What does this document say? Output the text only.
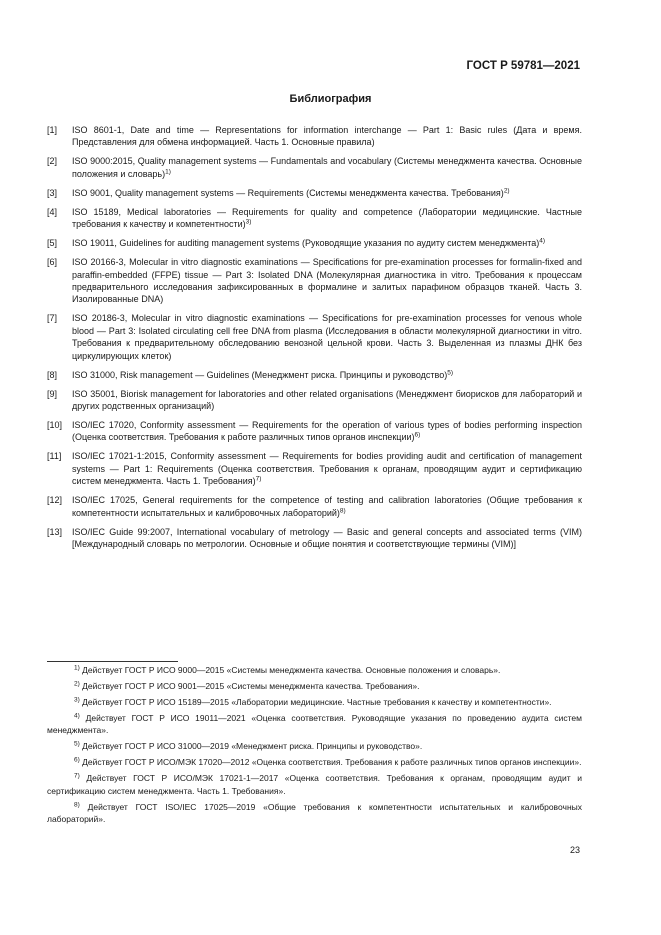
ГОСТ Р 59781—2021
Библиография
[1] ISO 8601-1, Date and time — Representations for information interchange — Part 1: Basic rules (Дата и время. Представления для обмена информацией. Часть 1. Основные правила)
[2] ISO 9000:2015, Quality management systems — Fundamentals and vocabulary (Системы менеджмента качества. Основные положения и словарь)$^{1)}$
[3] ISO 9001, Quality management systems — Requirements (Системы менеджмента качества. Требования)$^{2)}$
[4] ISO 15189, Medical laboratories — Requirements for quality and competence (Лаборатории медицинские. Частные требования к качеству и компетентности)$^{3)}$
[5] ISO 19011, Guidelines for auditing management systems (Руководящие указания по аудиту систем менеджмента)$^{4)}$
[6] ISO 20166-3, Molecular in vitro diagnostic examinations — Specifications for pre-examination processes for formalin-fixed and paraffin-embedded (FFPE) tissue — Part 3: Isolated DNA (Молекулярная диагностика in vitro. Требования к процессам предварительного исследования зафиксированных в формалине и залитых парафином образцов тканей. Часть 3. Изолированные DNA)
[7] ISO 20186-3, Molecular in vitro diagnostic examinations — Specifications for pre-examination processes for venous whole blood — Part 3: Isolated circulating cell free DNA from plasma (Исследования в области молекулярной диагностики in vitro. Требования к предварительному обследованию венозной цельной крови. Часть 3. Выделенная из плазмы ДНК без циркулирующих клеток)
[8] ISO 31000, Risk management — Guidelines (Менеджмент риска. Принципы и руководство)$^{5)}$
[9] ISO 35001, Biorisk management for laboratories and other related organisations (Менеджмент биорисков для лабораторий и других родственных организаций)
[10] ISO/IEC 17020, Conformity assessment — Requirements for the operation of various types of bodies performing inspection (Оценка соответствия. Требования к работе различных типов органов инспекции)$^{6)}$
[11] ISO/IEC 17021-1:2015, Conformity assessment — Requirements for bodies providing audit and certification of management systems — Part 1: Requirements (Оценка соответствия. Требования к органам, проводящим аудит и сертификацию систем менеджмента. Часть 1. Требования)$^{7)}$
[12] ISO/IEC 17025, General requirements for the competence of testing and calibration laboratories (Общие требования к компетентности испытательных и калибровочных лабораторий)$^{8)}$
[13] ISO/IEC Guide 99:2007, International vocabulary of metrology — Basic and general concepts and associated terms (VIM) [Международный словарь по метрологии. Основные и общие понятия и соответствующие термины (VIM)]
$^{1)}$ Действует ГОСТ Р ИСО 9000—2015 «Системы менеджмента качества. Основные положения и словарь».
$^{2)}$ Действует ГОСТ Р ИСО 9001—2015 «Системы менеджмента качества. Требования».
$^{3)}$ Действует ГОСТ Р ИСО 15189—2015 «Лаборатории медицинские. Частные требования к качеству и компетентности».
$^{4)}$ Действует ГОСТ Р ИСО 19011—2021 «Оценка соответствия. Руководящие указания по проведению аудита систем менеджмента».
$^{5)}$ Действует ГОСТ Р ИСО 31000—2019 «Менеджмент риска. Принципы и руководство».
$^{6)}$ Действует ГОСТ Р ИСО/МЭК 17020—2012 «Оценка соответствия. Требования к работе различных типов органов инспекции».
$^{7)}$ Действует ГОСТ Р ИСО/МЭК 17021-1—2017 «Оценка соответствия. Требования к органам, проводящим аудит и сертификацию систем менеджмента. Часть 1. Требования».
$^{8)}$ Действует ГОСТ ISO/IEC 17025—2019 «Общие требования к компетентности испытательных и калибровочных лабораторий».
23
